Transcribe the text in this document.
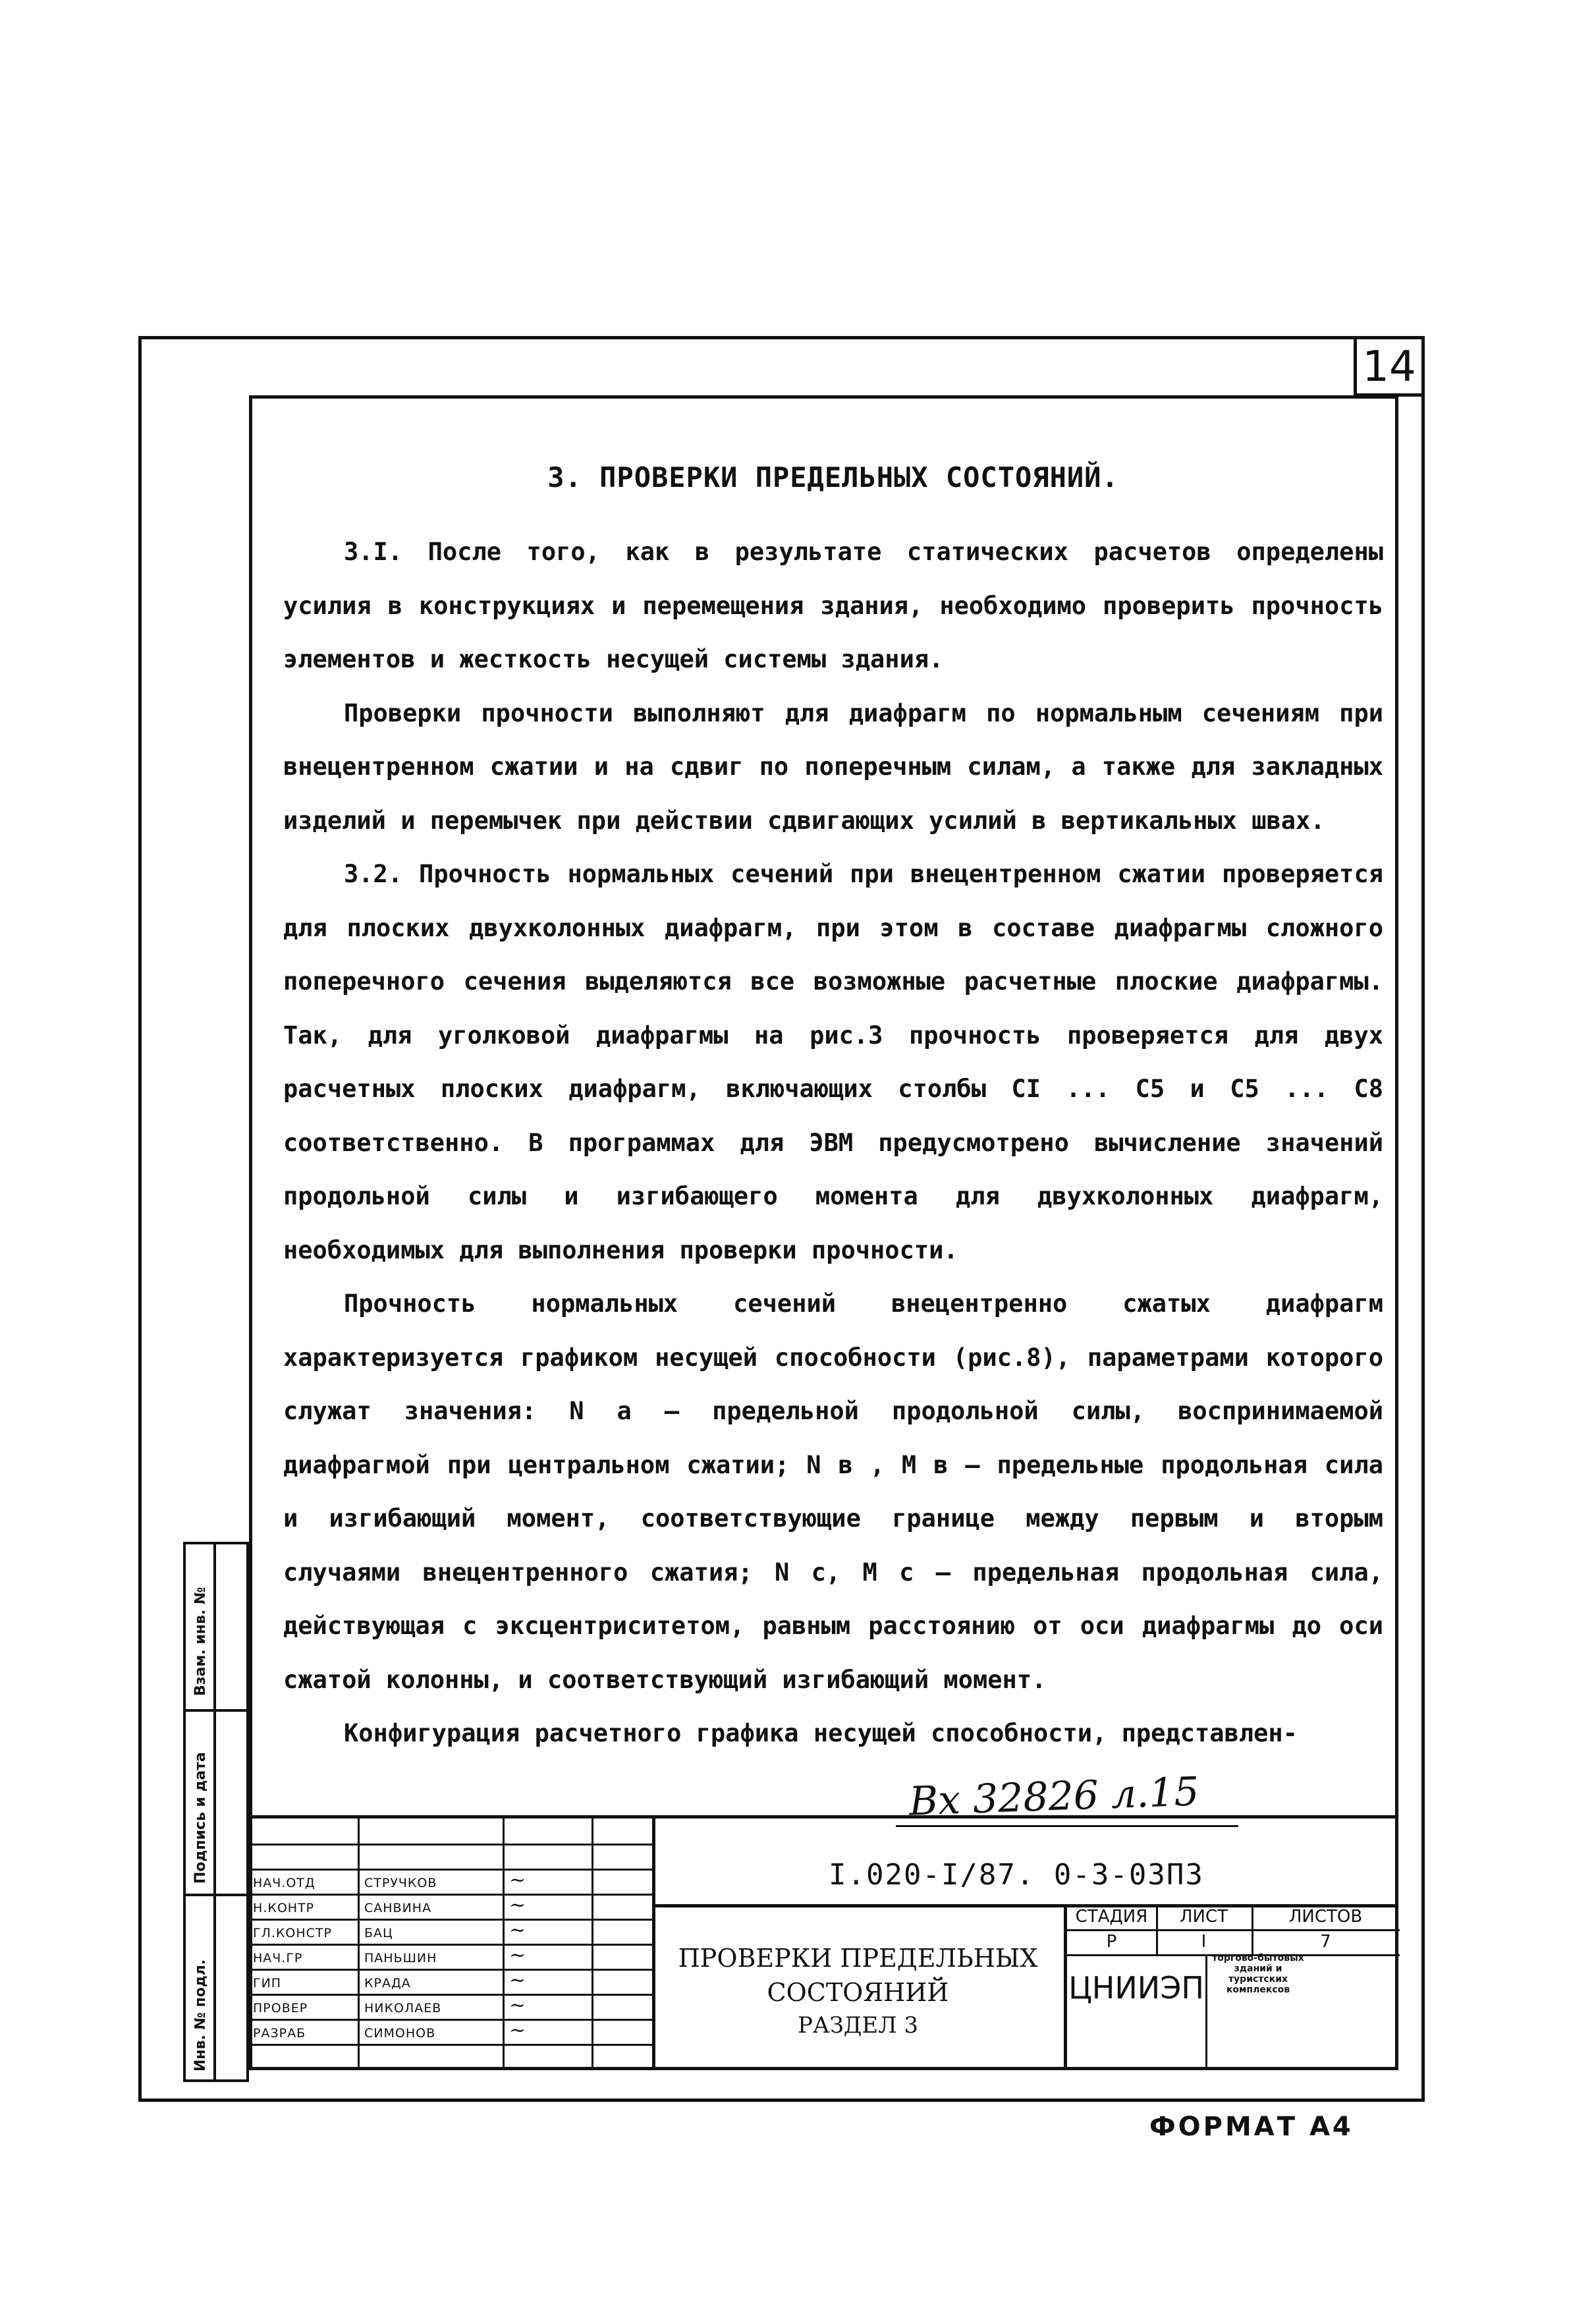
14
3. ПРОВЕРКИ ПРЕДЕЛЬНЫХ СОСТОЯНИЙ.

3.I. После того, как в результате статических расчетов определены усилия в конструкциях и перемещения здания, необходимо проверить прочность элементов и жесткость несущей системы здания.

Проверки прочности выполняют для диафрагм по нормальным сечениям при внецентренном сжатии и на сдвиг по поперечным силам, а также для закладных изделий и перемычек при действии сдвигающих усилий в вертикальных швах.

3.2. Прочность нормальных сечений при внецентренном сжатии проверяется для плоских двухколонных диафрагм, при этом в составе диафрагмы сложного поперечного сечения выделяются все возможные расчетные плоские диафрагмы. Так, для уголковой диафрагмы на рис.3 прочность проверяется для двух расчетных плоских диафрагм, включающих столбы СI ... С5 и С5 ... С8 соответственно. В программах для ЭВМ предусмотрено вычисление значений продольной силы и изгибающего момента для двухколонных диафрагм, необходимых для выполнения проверки прочности.

Прочность нормальных сечений внецентренно сжатых диафрагм характеризуется графиком несущей способности (рис.8), параметрами которого служат значения: N а – предельной продольной силы, воспринимаемой диафрагмой при центральном сжатии; N в , M в – предельные продольная сила и изгибающий момент, соответствующие границе между первым и вторым случаями внецентренного сжатия; N с, M с – предельная продольная сила, действующая с эксцентриситетом, равным расстоянию от оси диафрагмы до оси сжатой колонны, и соответствующий изгибающий момент.

Конфигурация расчетного графика несущей способности, представлен-

Вх 32826 л.15
Инв. № подл.
Подпись и дата
Взам. инв. №
НАЧ.ОТД	СТРУЧКОВ	~
Н.КОНТР	САНВИНА	~
ГЛ.КОНСТР	БАЦ	~
НАЧ.ГР	ПАНЬШИН	~
ГИП	КРАДА	~
ПРОВЕР	НИКОЛАЕВ	~
РАЗРАБ	СИМОНОВ	~
I.020-I/87. 0-3-03ПЗ
ПРОВЕРКИ ПРЕДЕЛЬНЫХ
СОСТОЯНИЙ
РАЗДЕЛ 3
СТАДИЯ	ЛИСТ	ЛИСТОВ
Р	I	7
ЦНИИЭП
торгово-бытовых зданий и туристских комплексов
ФОРМАТ А4
